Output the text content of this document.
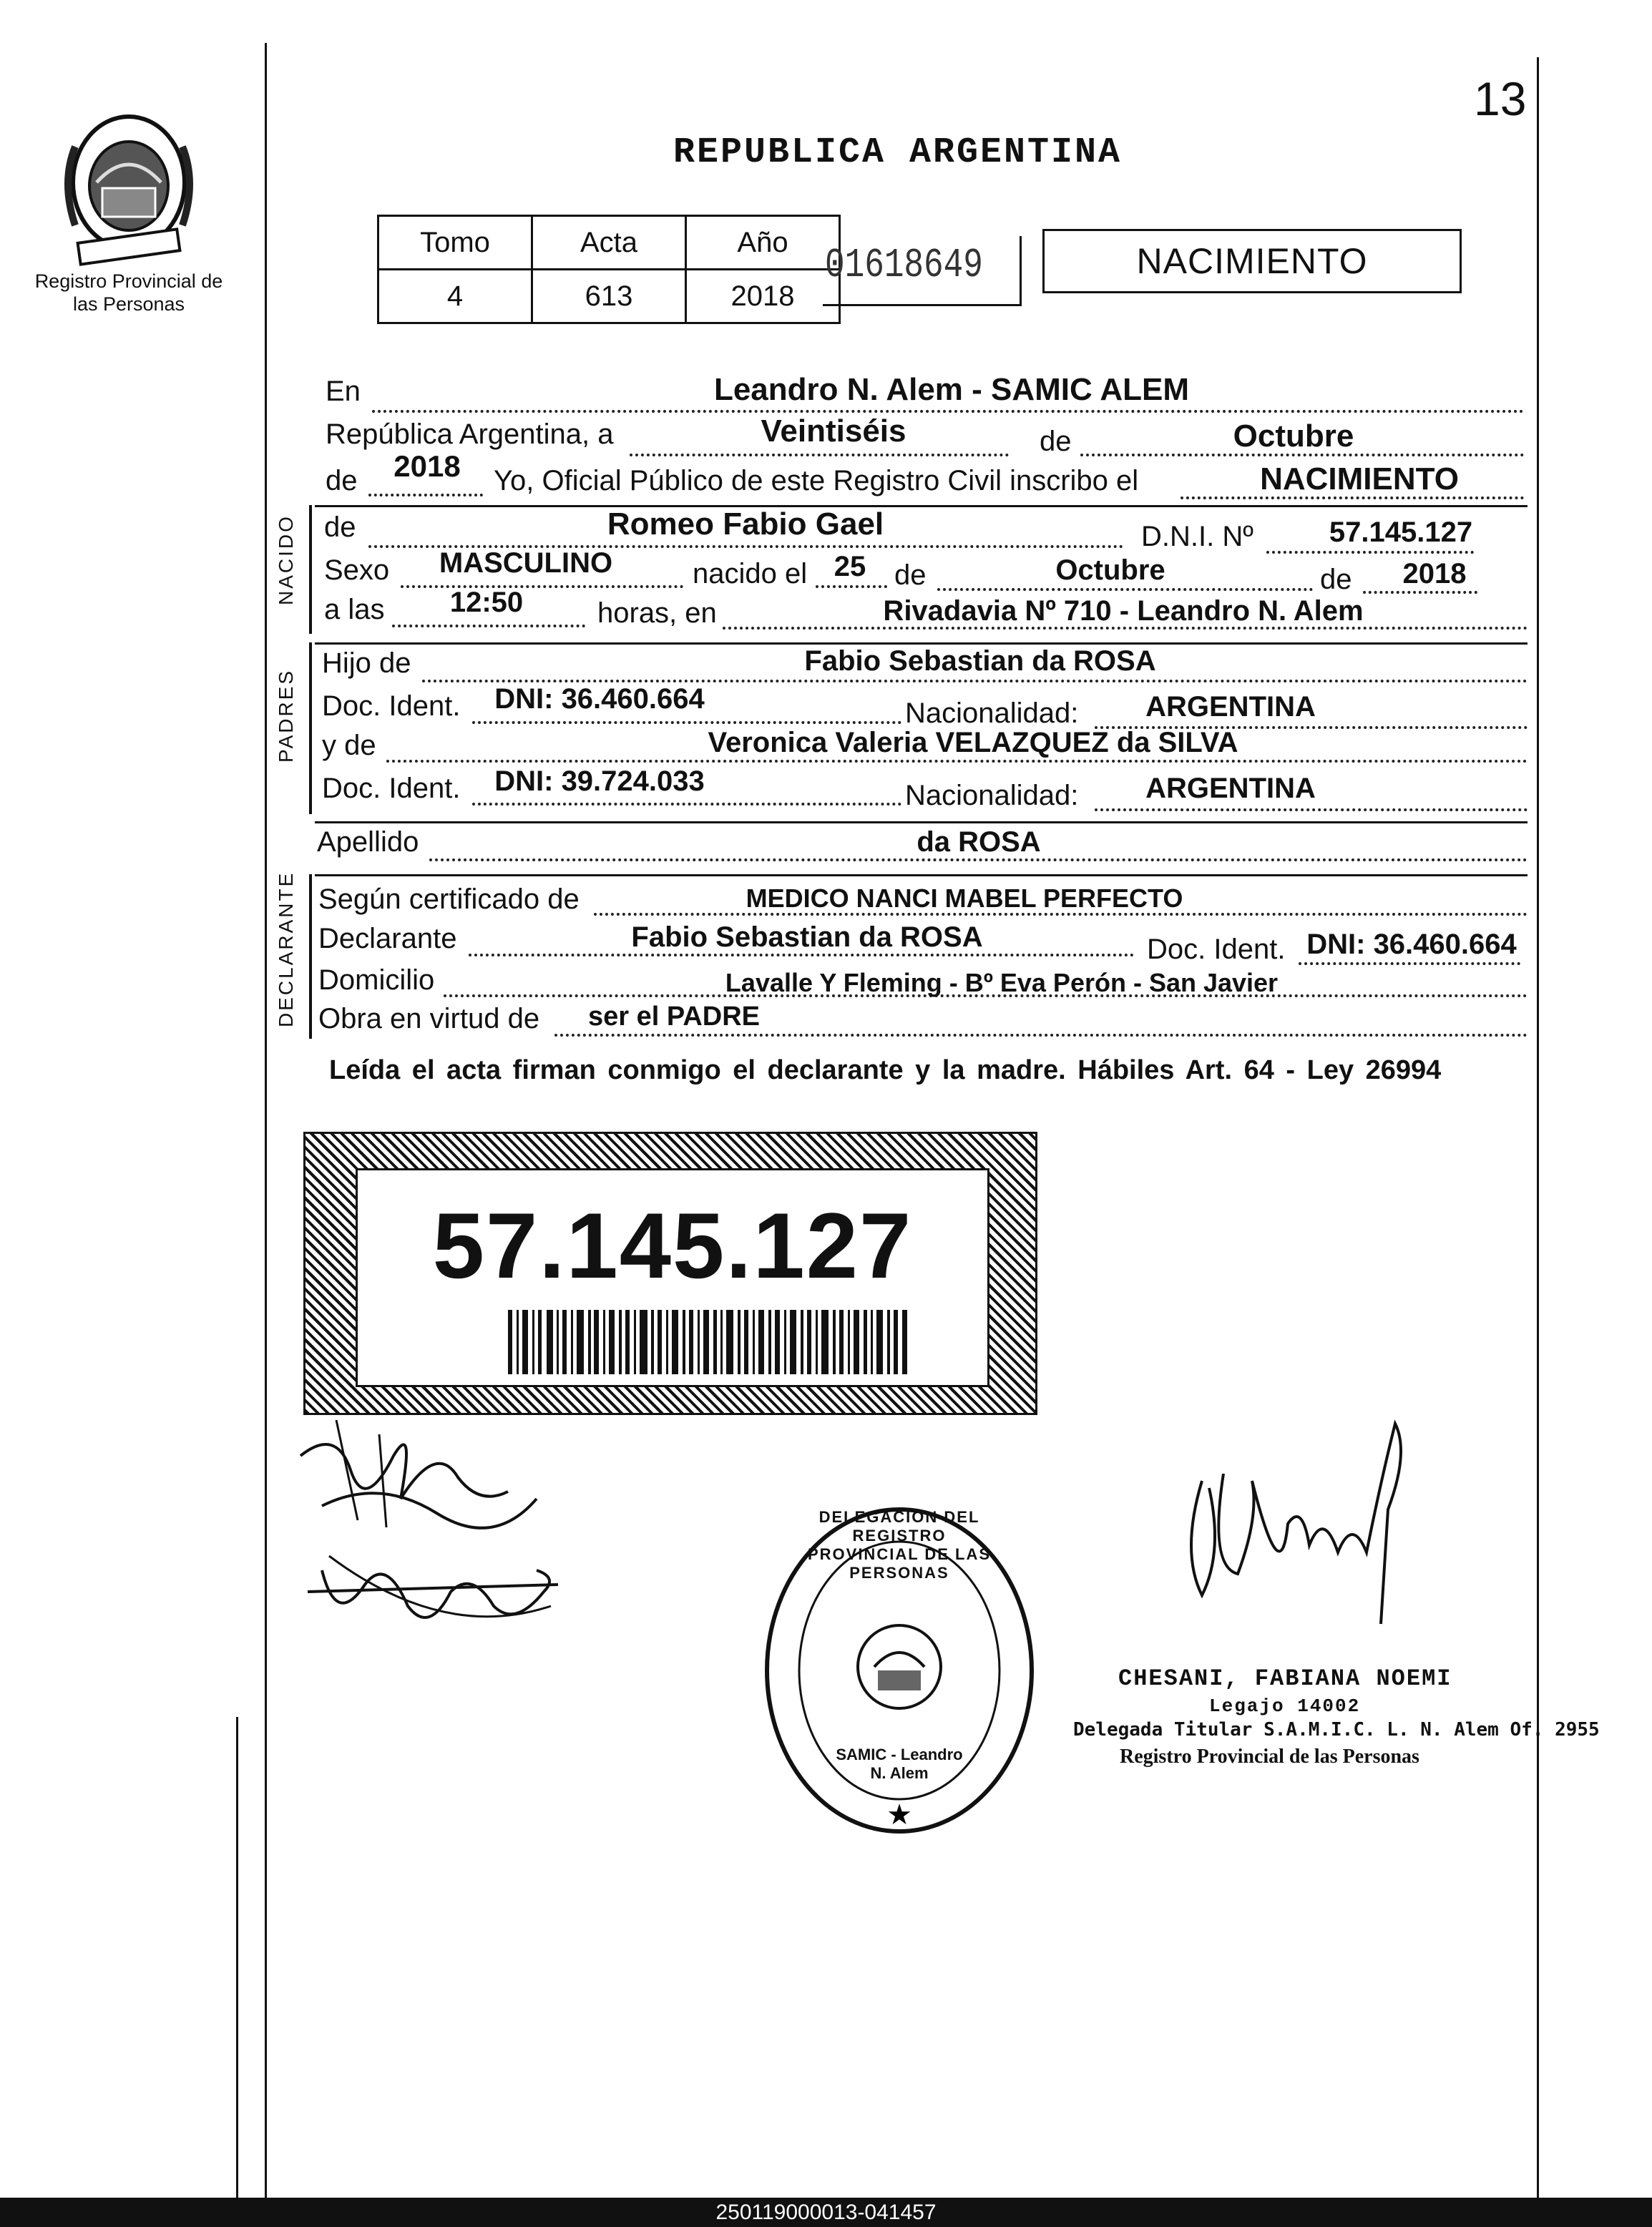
13
Registro Provincial de las Personas
REPUBLICA ARGENTINA
Tomo	Acta	Año
4	613	2018
01618649	NACIMIENTO
En	Leandro N. Alem - SAMIC ALEM
República Argentina, a	Veintiséis	de	Octubre
de 2018 Yo, Oficial Público de este Registro Civil inscribo el	NACIMIENTO
NACIDO de	Romeo Fabio Gael	D.N.I. Nº	57.145.127
Sexo MASCULINO	nacido el 25 de	Octubre	de 2018
a las 12:50	horas, en	Rivadavia Nº 710 - Leandro N. Alem
PADRES
Hijo de	Fabio Sebastian da ROSA
Doc. Ident. DNI: 36.460.664	Nacionalidad: ARGENTINA
y de	Veronica Valeria VELAZQUEZ da SILVA
Doc. Ident. DNI: 39.724.033	Nacionalidad: ARGENTINA
Apellido	da ROSA
DECLARANTE Según certificado de	MEDICO NANCI MABEL PERFECTO
Declarante	Fabio Sebastian da ROSA	Doc. Ident. DNI: 36.460.664
Domicilio	Lavalle Y Fleming - Bº Eva Perón - San Javier
Obra en virtud de ser el PADRE
Leída el acta firman conmigo el declarante y la madre. Hábiles Art. 64 - Ley 26994
57.145.127
★
DELEGACION DEL REGISTRO PROVINCIAL DE LAS PERSONAS
SAMIC - Leandro N. Alem
CHESANI, FABIANA NOEMI
Legajo 14002
Delegada Titular S.A.M.I.C. L. N. Alem Of. 2955
Registro Provincial de las Personas
250119000013-041457
